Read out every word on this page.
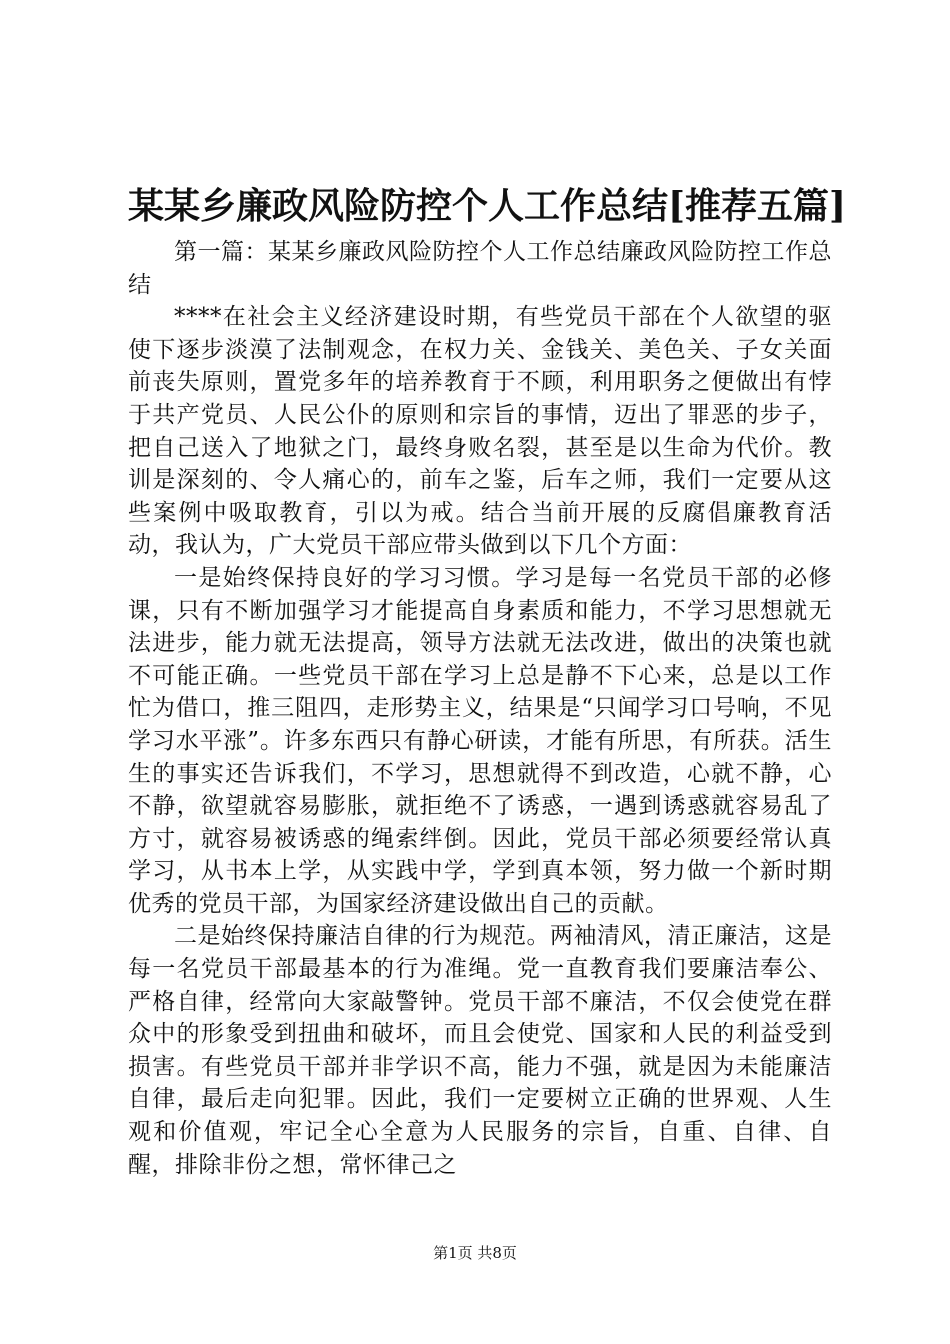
某某乡廉政风险防控个人工作总结[推荐五篇]

第一篇：某某乡廉政风险防控个人工作总结廉政风险防控工作总结

****在社会主义经济建设时期，有些党员干部在个人欲望的驱使下逐步淡漠了法制观念，在权力关、金钱关、美色关、子女关面前丧失原则，置党多年的培养教育于不顾，利用职务之便做出有悖于共产党员、人民公仆的原则和宗旨的事情，迈出了罪恶的步子，把自己送入了地狱之门，最终身败名裂，甚至是以生命为代价。教训是深刻的、令人痛心的，前车之鉴，后车之师，我们一定要从这些案例中吸取教育，引以为戒。结合当前开展的反腐倡廉教育活动，我认为，广大党员干部应带头做到以下几个方面：

一是始终保持良好的学习习惯。学习是每一名党员干部的必修课，只有不断加强学习才能提高自身素质和能力，不学习思想就无法进步，能力就无法提高，领导方法就无法改进，做出的决策也就不可能正确。一些党员干部在学习上总是静不下心来，总是以工作忙为借口，推三阻四，走形势主义，结果是“只闻学习口号响，不见学习水平涨”。许多东西只有静心研读，才能有所思，有所获。活生生的事实还告诉我们，不学习，思想就得不到改造，心就不静，心不静，欲望就容易膨胀，就拒绝不了诱惑，一遇到诱惑就容易乱了方寸，就容易被诱惑的绳索绊倒。因此，党员干部必须要经常认真学习，从书本上学，从实践中学，学到真本领，努力做一个新时期优秀的党员干部，为国家经济建设做出自己的贡献。

二是始终保持廉洁自律的行为规范。两袖清风，清正廉洁，这是每一名党员干部最基本的行为准绳。党一直教育我们要廉洁奉公、严格自律，经常向大家敲警钟。党员干部不廉洁，不仅会使党在群众中的形象受到扭曲和破坏，而且会使党、国家和人民的利益受到损害。有些党员干部并非学识不高，能力不强，就是因为未能廉洁自律，最后走向犯罪。因此，我们一定要树立正确的世界观、人生观和价值观，牢记全心全意为人民服务的宗旨，自重、自律、自醒，排除非份之想，常怀律己之

第1页 共8页
